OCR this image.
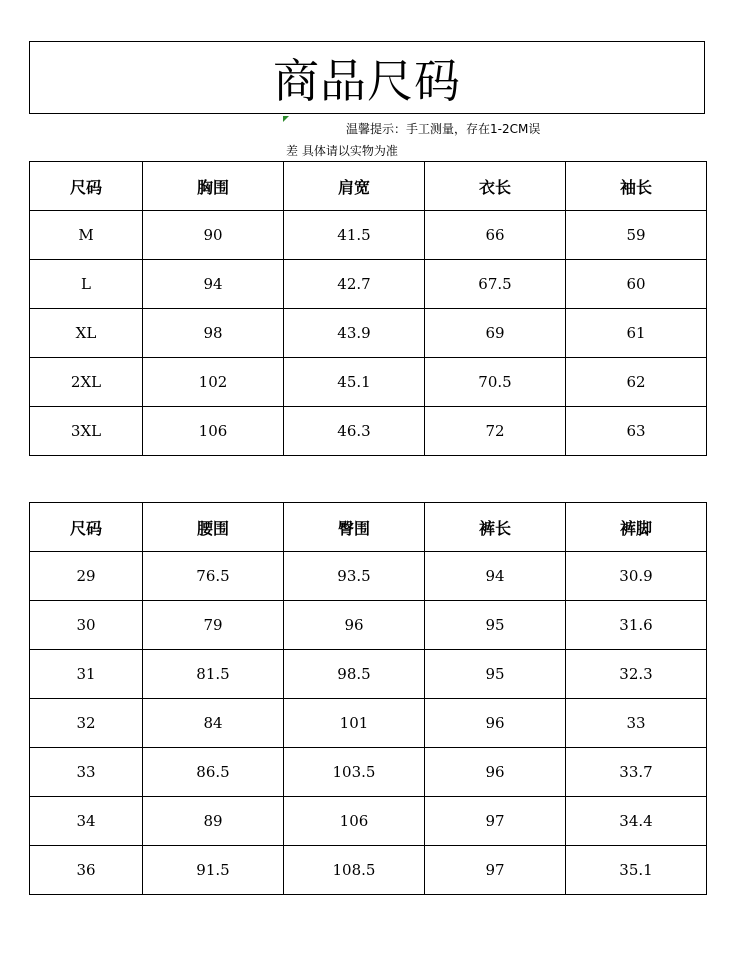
商品尺码
温馨提示：手工测量，存在1-2CM误
差 具体请以实物为准
尺码	胸围	肩宽	衣长	袖长
M	90	41.5	66	59
L	94	42.7	67.5	60
XL	98	43.9	69	61
2XL	102	45.1	70.5	62
3XL	106	46.3	72	63
尺码	腰围	臀围	裤长	裤脚
29	76.5	93.5	94	30.9
30	79	96	95	31.6
31	81.5	98.5	95	32.3
32	84	101	96	33
33	86.5	103.5	96	33.7
34	89	106	97	34.4
36	91.5	108.5	97	35.1
